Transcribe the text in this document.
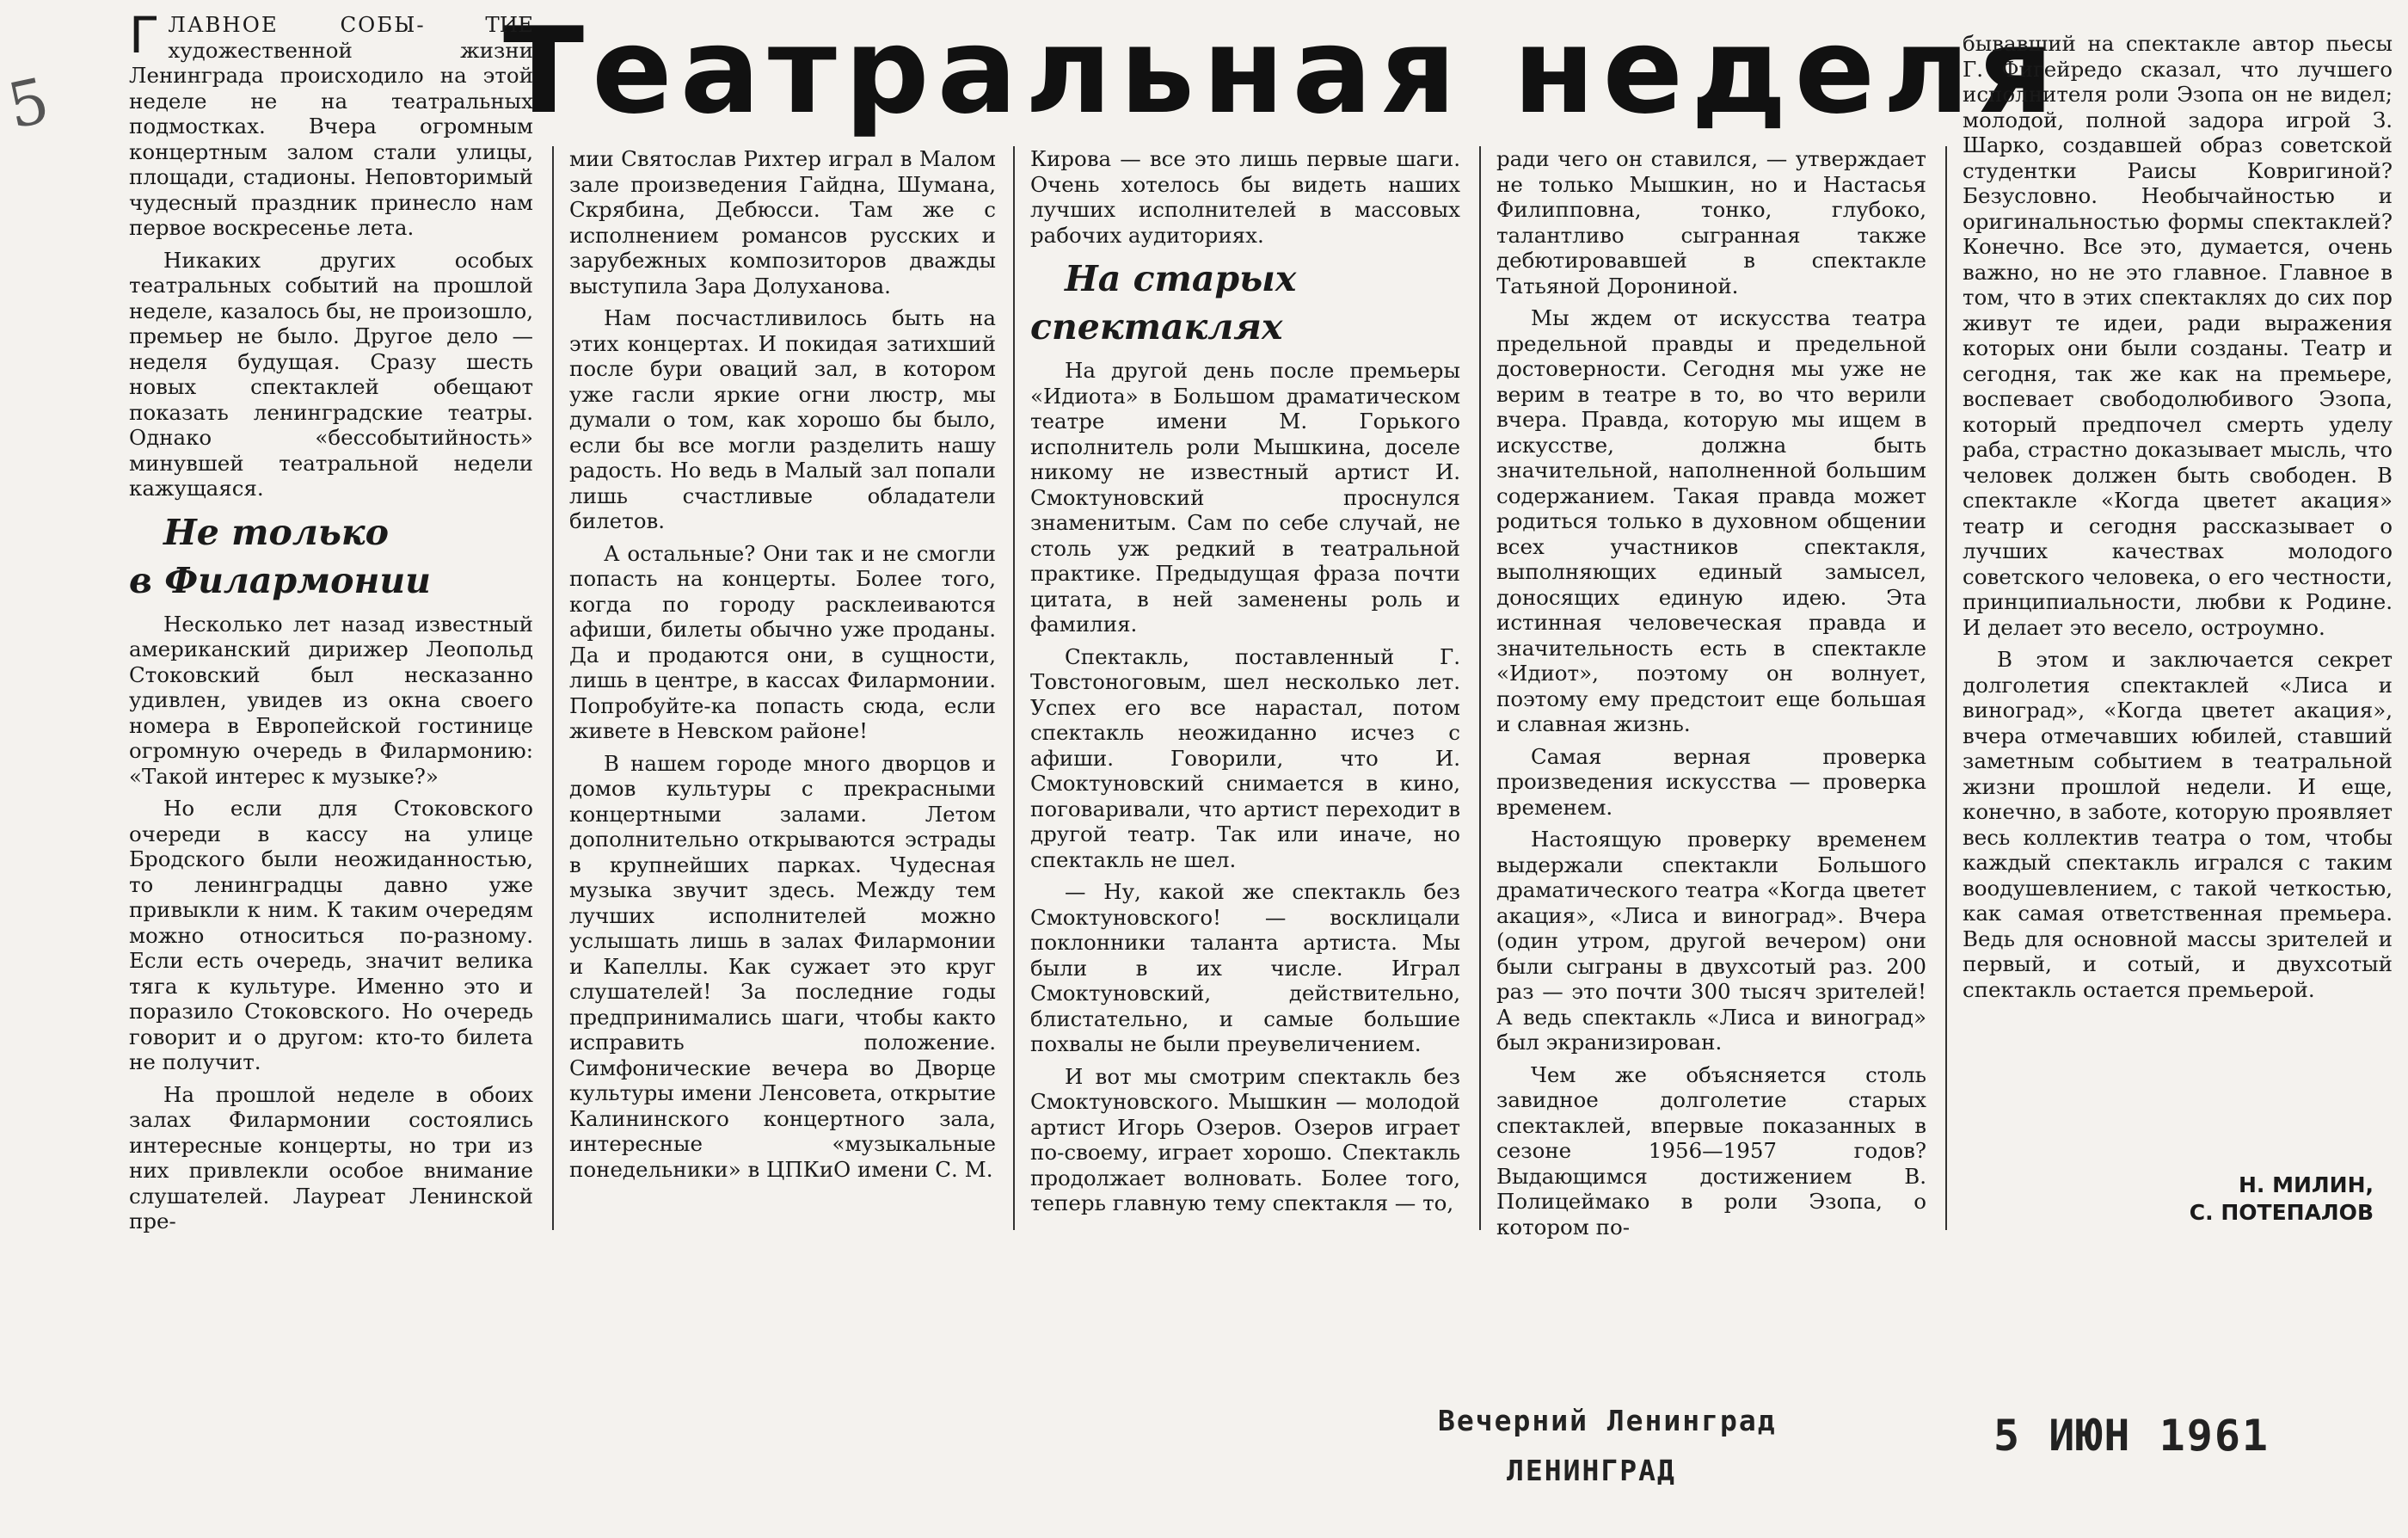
5	Театральная неделя

ГЛАВНОЕ СОБЫ- ТИЕ художественной жизни Ленинграда происходило на этой неделе не на театральных подмостках. Вчера огромным концертным залом стали улицы, площади, стадионы. Неповторимый чудесный праздник принесло нам первое воскресенье лета.

Никаких других особых театральных событий на прошлой неделе, казалось бы, не произошло, премьер не было. Другое дело — неделя будущая. Сразу шесть новых спектаклей обещают показать ленинградские театры. Однако «бессобытийность» минувшей театральной недели кажущаяся.

Не только
в Филармонии

Несколько лет назад известный американский дирижер Леопольд Стоковский был несказанно удивлен, увидев из окна своего номера в Европейской гостинице огромную очередь в Филармонию: «Такой интерес к музыке?»

Но если для Стоковского очереди в кассу на улице Бродского были неожиданностью, то ленинградцы давно уже привыкли к ним. К таким очередям можно относиться по-разному. Если есть очередь, значит велика тяга к культуре. Именно это и поразило Стоковского. Но очередь говорит и о другом: кто-то билета не получит.

На прошлой неделе в обоих залах Филармонии состоялись интересные концерты, но три из них привлекли особое внимание слушателей. Лауреат Ленинской пре-

мии Святослав Рихтер играл в Малом зале произведения Гайдна, Шумана, Скрябина, Дебюсси. Там же с исполнением романсов русских и зарубежных композиторов дважды выступила Зара Долуханова.

Нам посчастливилось быть на этих концертах. И покидая затихший после бури оваций зал, в котором уже гасли яркие огни люстр, мы думали о том, как хорошо бы было, если бы все могли разделить нашу радость. Но ведь в Малый зал попали лишь счастливые обладатели билетов.

А остальные? Они так и не смогли попасть на концерты. Более того, когда по городу расклеиваются афиши, билеты обычно уже проданы. Да и продаются они, в сущности, лишь в центре, в кассах Филармонии. Попробуйте-ка попасть сюда, если живете в Невском районе!

В нашем городе много дворцов и домов культуры с прекрасными концертными залами. Летом дополнительно открываются эстрады в крупнейших парках. Чудесная музыка звучит здесь. Между тем лучших исполнителей можно услышать лишь в залах Филармонии и Капеллы. Как сужает это круг слушателей! За последние годы предпринимались шаги, чтобы както исправить положение. Симфонические вечера во Дворце культуры имени Ленсовета, открытие Калининского концертного зала, интересные «музыкальные понедельники» в ЦПКиО имени С. М.

Кирова — все это лишь первые шаги. Очень хотелось бы видеть наших лучших исполнителей в массовых рабочих аудиториях.

На старых
спектаклях

На другой день после премьеры «Идиота» в Большом драматическом театре имени М. Горького исполнитель роли Мышкина, доселе никому не известный артист И. Смоктуновский проснулся знаменитым. Сам по себе случай, не столь уж редкий в театральной практике. Предыдущая фраза почти цитата, в ней заменены роль и фамилия.

Спектакль, поставленный Г. Товстоноговым, шел несколько лет. Успех его все нарастал, потом спектакль неожиданно исчез с афиши. Говорили, что И. Смоктуновский снимается в кино, поговаривали, что артист переходит в другой театр. Так или иначе, но спектакль не шел.

— Ну, какой же спектакль без Смоктуновского! — восклицали поклонники таланта артиста. Мы были в их числе. Играл Смоктуновский, действительно, блистательно, и самые большие похвалы не были преувеличением.

И вот мы смотрим спектакль без Смоктуновского. Мышкин — молодой артист Игорь Озеров. Озеров играет по-своему, играет хорошо. Спектакль продолжает волновать. Более того, теперь главную тему спектакля — то,

ради чего он ставился, — утверждает не только Мышкин, но и Настасья Филипповна, тонко, глубоко, талантливо сыгранная также дебютировавшей в спектакле Татьяной Дорониной.

Мы ждем от искусства театра предельной правды и предельной достоверности. Сегодня мы уже не верим в театре в то, во что верили вчера. Правда, которую мы ищем в искусстве, должна быть значительной, наполненной большим содержанием. Такая правда может родиться только в духовном общении всех участников спектакля, выполняющих единый замысел, доносящих единую идею. Эта истинная человеческая правда и значительность есть в спектакле «Идиот», поэтому он волнует, поэтому ему предстоит еще большая и славная жизнь.

Самая верная проверка произведения искусства — проверка временем.

Настоящую проверку временем выдержали спектакли Большого драматического театра «Когда цветет акация», «Лиса и виноград». Вчера (один утром, другой вечером) они были сыграны в двухсотый раз. 200 раз — это почти 300 тысяч зрителей! А ведь спектакль «Лиса и виноград» был экранизирован.

Чем же объясняется столь завидное долголетие старых спектаклей, впервые показанных в сезоне 1956—1957 годов? Выдающимся достижением В. Полицеймако в роли Эзопа, о котором по-

бывавший на спектакле автор пьесы Г. Фигейредо сказал, что лучшего исполнителя роли Эзопа он не видел; молодой, полной задора игрой З. Шарко, создавшей образ советской студентки Раисы Ковригиной? Безусловно. Необычайностью и оригинальностью формы спектаклей? Конечно. Все это, думается, очень важно, но не это главное. Главное в том, что в этих спектаклях до сих пор живут те идеи, ради выражения которых они были созданы. Театр и сегодня, так же как на премьере, воспевает свободолюбивого Эзопа, который предпочел смерть уделу раба, страстно доказывает мысль, что человек должен быть свободен. В спектакле «Когда цветет акация» театр и сегодня рассказывает о лучших качествах молодого советского человека, о его честности, принципиальности, любви к Родине. И делает это весело, остроумно.

В этом и заключается секрет долголетия спектаклей «Лиса и виноград», «Когда цветет акация», вчера отмечавших юбилей, ставший заметным событием в театральной жизни прошлой недели. И еще, конечно, в заботе, которую проявляет весь коллектив театра о том, чтобы каждый спектакль игрался с таким воодушевлением, с такой четкостью, как самая ответственная премьера. Ведь для основной массы зрителей и первый, и сотый, и двухсотый спектакль остается премьерой.

Н. МИЛИН,
С. ПОТЕПАЛОВ
Вечерний Ленинград
ЛЕНИНГРАД
5 ИЮН 1961
